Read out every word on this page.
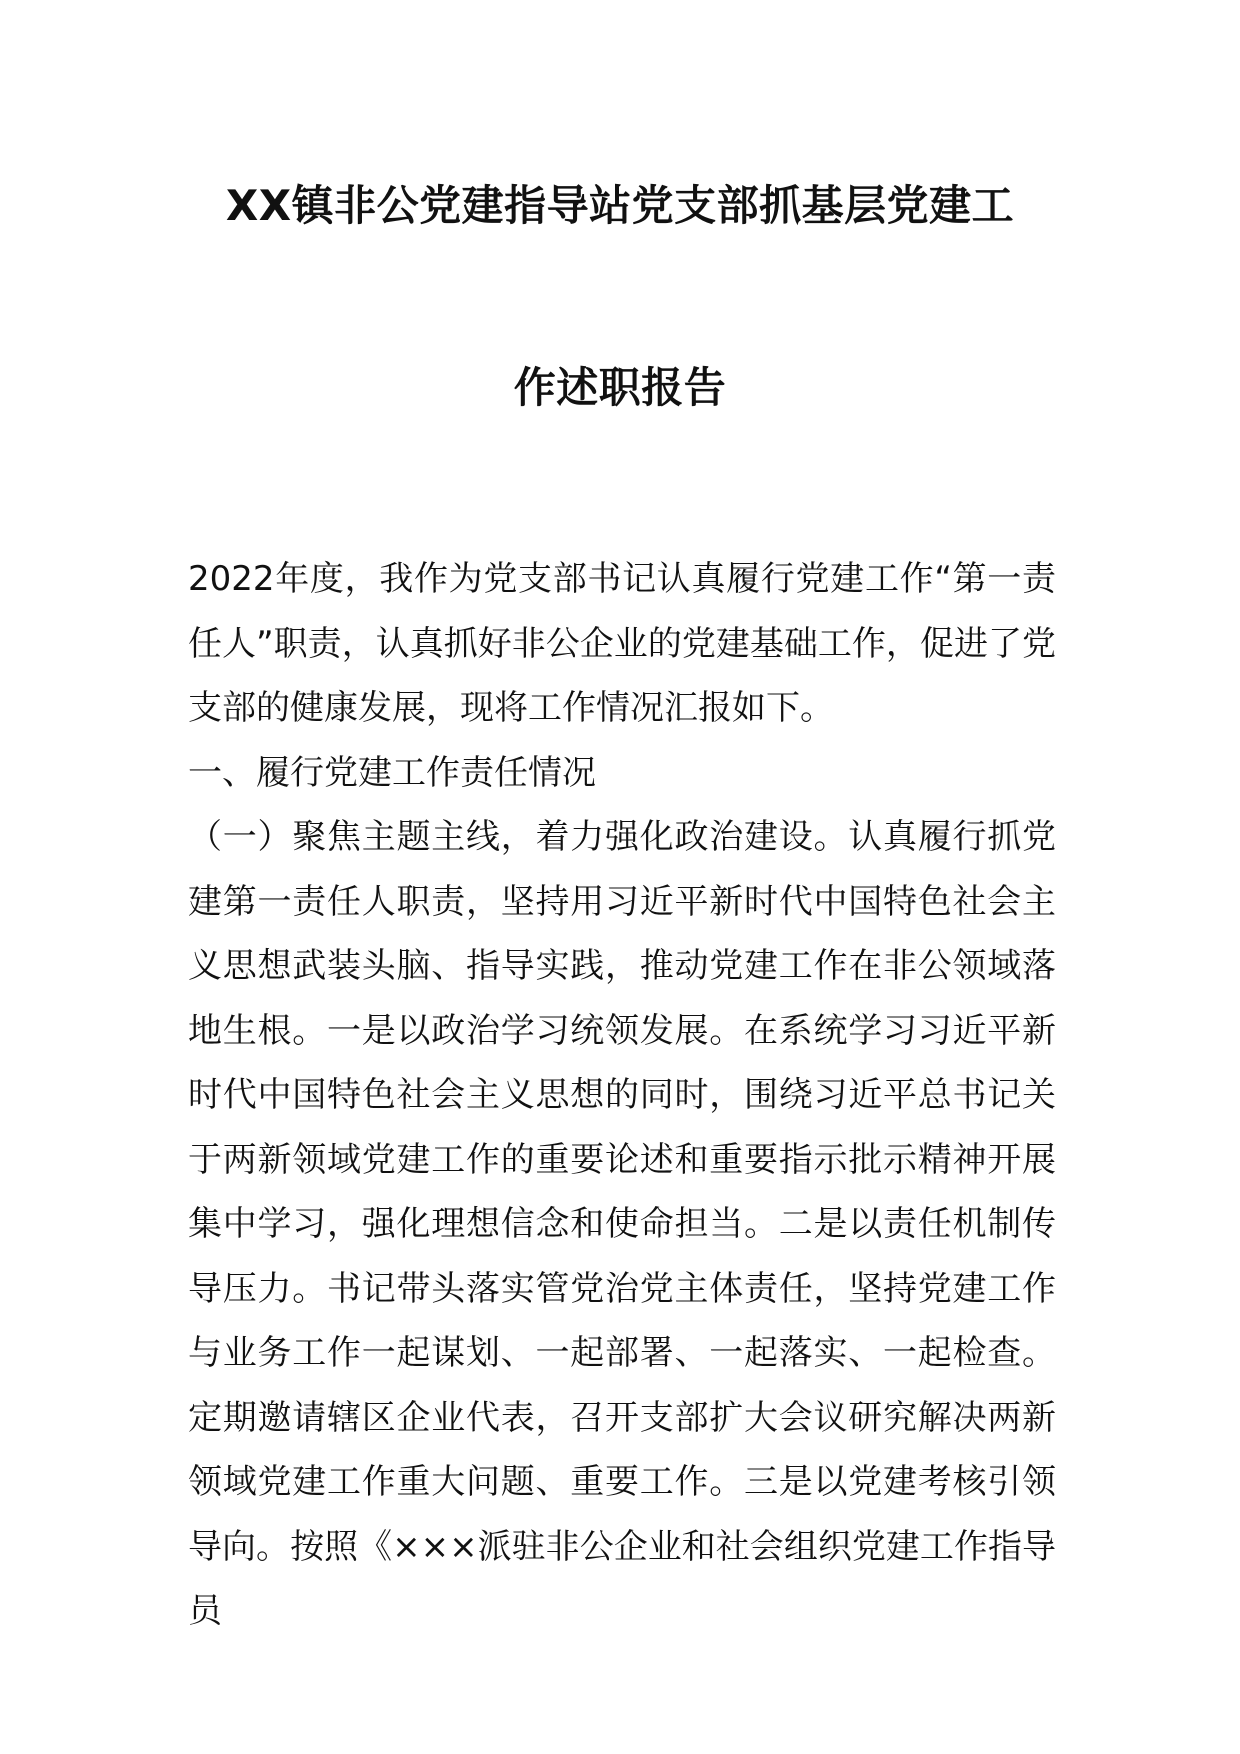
XX镇非公党建指导站党支部抓基层党建工
作述职报告

2022年度，我作为党支部书记认真履行党建工作“第一责任人”职责，认真抓好非公企业的党建基础工作，促进了党支部的健康发展，现将工作情况汇报如下。

一、履行党建工作责任情况

（一）聚焦主题主线，着力强化政治建设。认真履行抓党建第一责任人职责，坚持用习近平新时代中国特色社会主义思想武装头脑、指导实践，推动党建工作在非公领域落地生根。一是以政治学习统领发展。在系统学习习近平新时代中国特色社会主义思想的同时，围绕习近平总书记关于两新领域党建工作的重要论述和重要指示批示精神开展集中学习，强化理想信念和使命担当。二是以责任机制传导压力。书记带头落实管党治党主体责任，坚持党建工作与业务工作一起谋划、一起部署、一起落实、一起检查。定期邀请辖区企业代表，召开支部扩大会议研究解决两新领域党建工作重大问题、重要工作。三是以党建考核引领导向。按照《×××派驻非公企业和社会组织党建工作指导员
